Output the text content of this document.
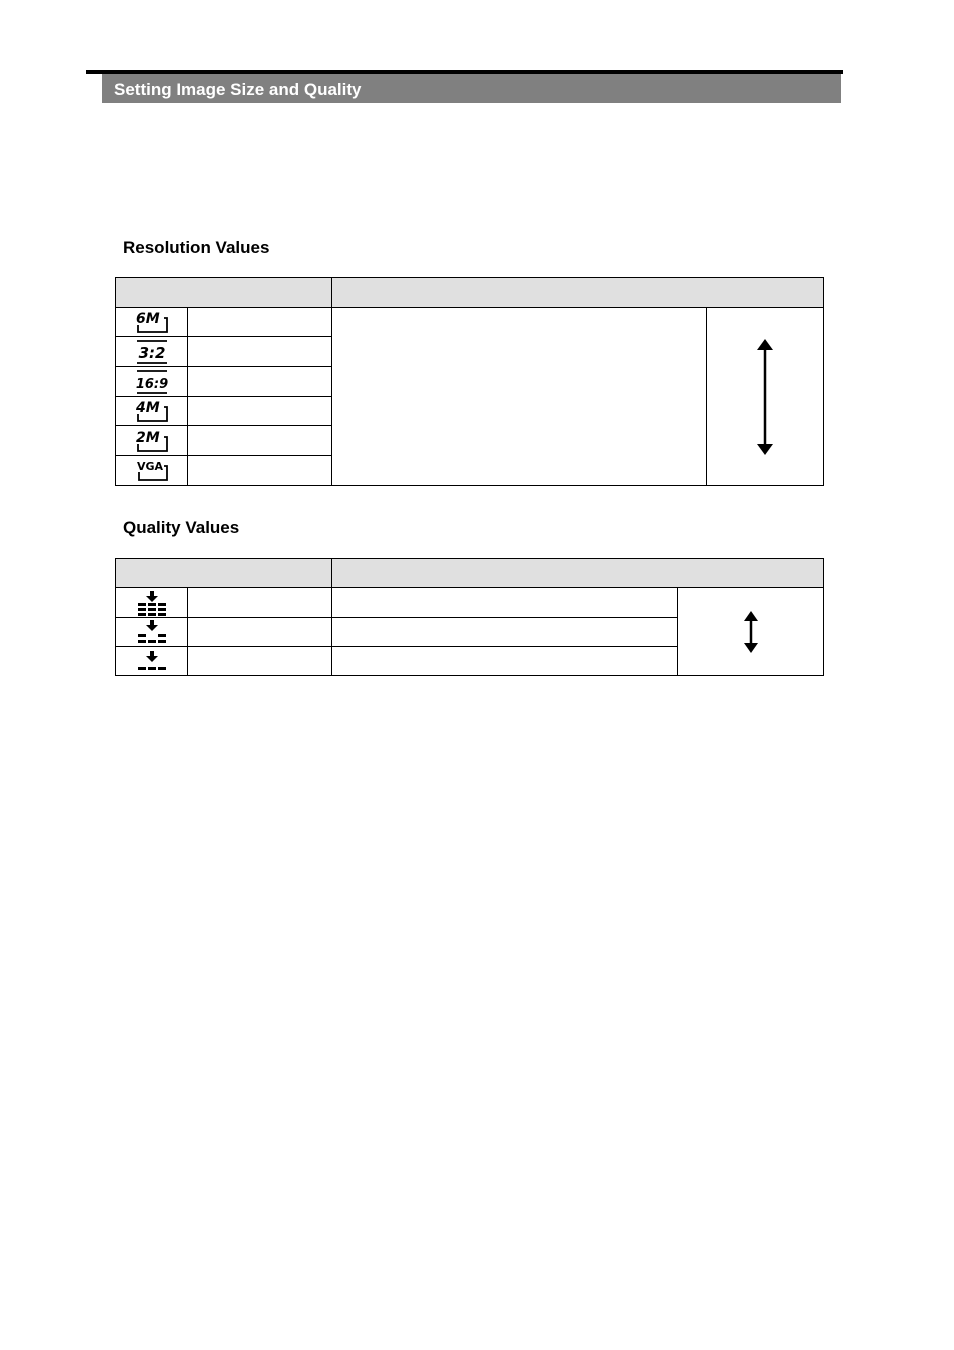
Setting Image Size and Quality
Resolution Values

6M

3:2			

16:9			

4M			

2M			

VGA			

Quality Values
